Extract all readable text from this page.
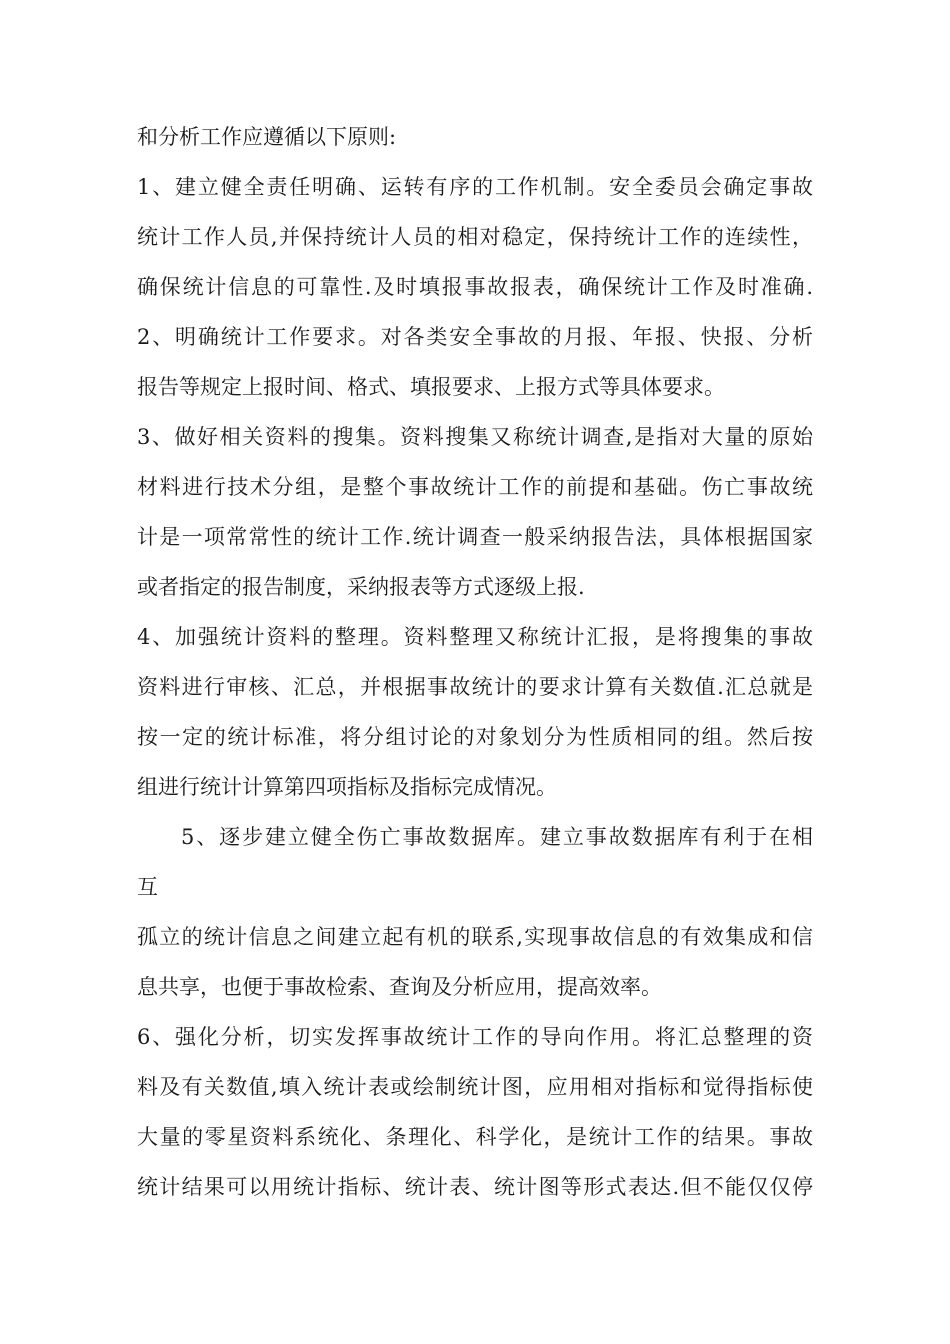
和分析工作应遵循以下原则:
1、建立健全责任明确、运转有序的工作机制。安全委员会确定事故
统计工作人员,并保持统计人员的相对稳定，保持统计工作的连续性，
确保统计信息的可靠性.及时填报事故报表，确保统计工作及时准确.
2、明确统计工作要求。对各类安全事故的月报、年报、快报、分析
报告等规定上报时间、格式、填报要求、上报方式等具体要求。
3、做好相关资料的搜集。资料搜集又称统计调查,是指对大量的原始
材料进行技术分组，是整个事故统计工作的前提和基础。伤亡事故统
计是一项常常性的统计工作.统计调查一般采纳报告法，具体根据国家
或者指定的报告制度，采纳报表等方式逐级上报.
4、加强统计资料的整理。资料整理又称统计汇报，是将搜集的事故
资料进行审核、汇总，并根据事故统计的要求计算有关数值.汇总就是
按一定的统计标准，将分组讨论的对象划分为性质相同的组。然后按
组进行统计计算第四项指标及指标完成情况。
5、逐步建立健全伤亡事故数据库。建立事故数据库有利于在相
互
孤立的统计信息之间建立起有机的联系,实现事故信息的有效集成和信
息共享，也便于事故检索、查询及分析应用，提高效率。
6、强化分析，切实发挥事故统计工作的导向作用。将汇总整理的资
料及有关数值,填入统计表或绘制统计图，应用相对指标和觉得指标使
大量的零星资料系统化、条理化、科学化，是统计工作的结果。事故
统计结果可以用统计指标、统计表、统计图等形式表达.但不能仅仅停
